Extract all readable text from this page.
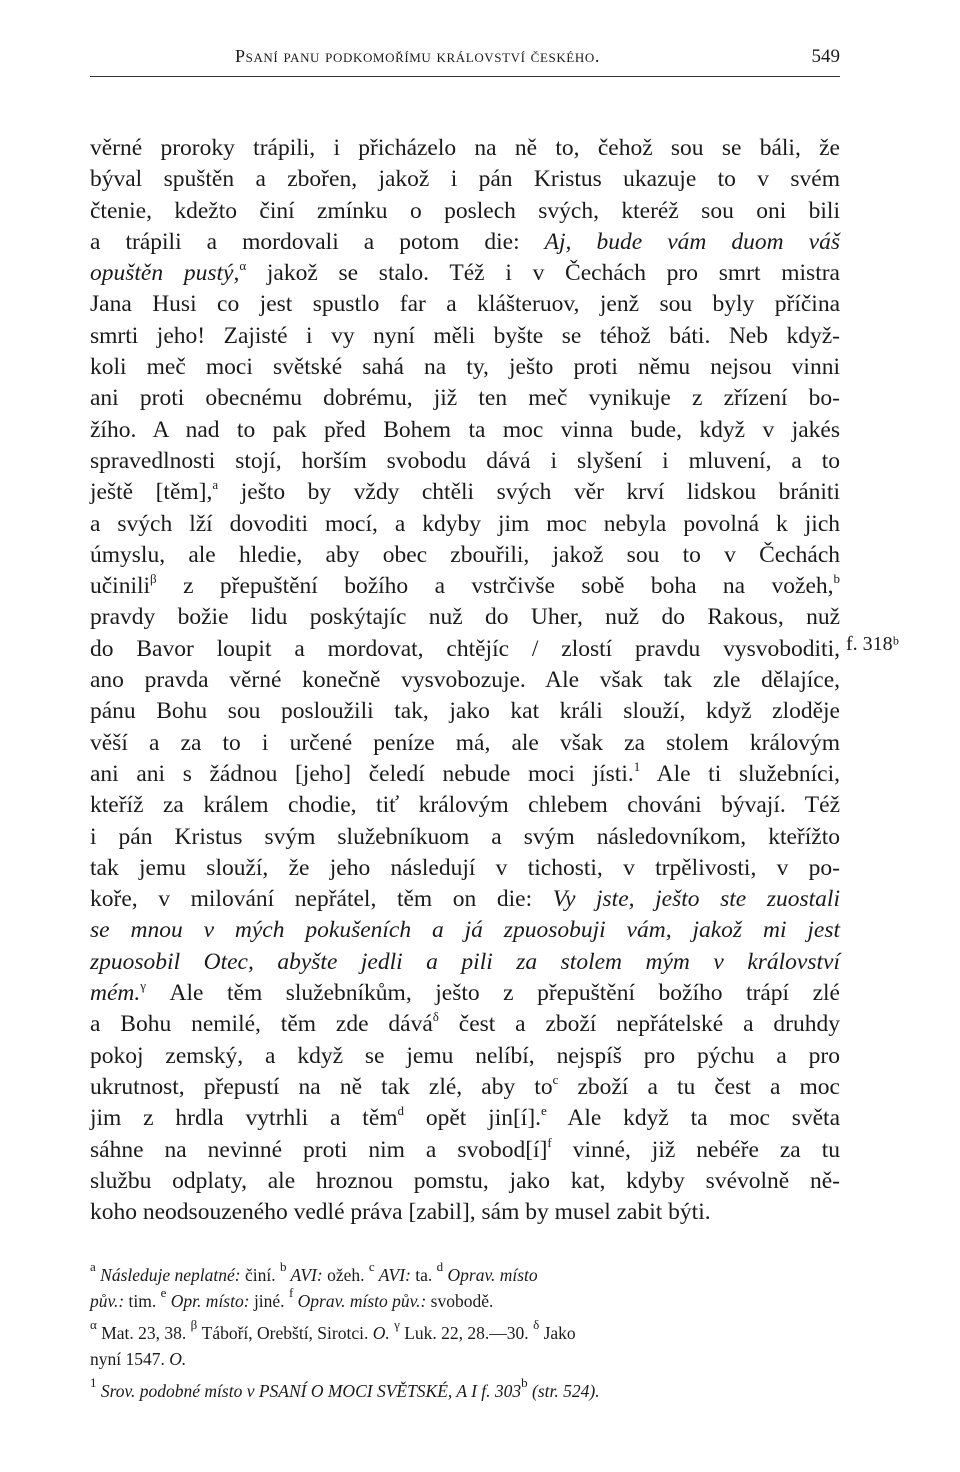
Psaní panu podkomořímu království českého.	549
věrné proroky trápili, i přicházelo na ně to, čehož sou se báli, že
býval spuštěn a zbořen, jakož i pán Kristus ukazuje to v svém
čtenie, kdežto činí zmínku o poslech svých, kteréž sou oni bili
a trápili a mordovali a potom die: Aj, bude vám duom váš
opuštěn pustý,$^\alpha$ jakož se stalo. Též i v Čechách pro smrt mistra
Jana Husi co jest spustlo far a klášteruov, jenž sou byly příčina
smrti jeho! Zajisté i vy nyní měli byšte se téhož báti. Neb když-
koli meč moci světské sahá na ty, ješto proti němu nejsou vinni
ani proti obecnému dobrému, již ten meč vynikuje z zřízení bo-
žího. A nad to pak před Bohem ta moc vinna bude, když v jakés
spravedlnosti stojí, horším svobodu dává i slyšení i mluvení, a to
ještě [těm],$^a$ ješto by vždy chtěli svých věr krví lidskou brániti
a svých lží dovoditi mocí, a kdyby jim moc nebyla povolná k jich
úmyslu, ale hledie, aby obec zbouřili, jakož sou to v Čechách
učinili$^\beta$ z přepuštění božího a vstrčivše sobě boha na vožeh,$^b$
pravdy božie lidu poskýtajíc nuž do Uher, nuž do Rakous, nuž
do Bavor loupit a mordovat, chtějíc / zlostí pravdu vysvoboditi,
ano pravda věrné konečně vysvobozuje. Ale však tak zle dělajíce,
pánu Bohu sou posloužili tak, jako kat králi slouží, když zloděje
věší a za to i určené peníze má, ale však za stolem královým
ani ani s žádnou [jeho] čeledí nebude moci jísti.$^1$ Ale ti služebníci,
kteříž za králem chodie, tiť královým chlebem chováni bývají. Též
i pán Kristus svým služebníkuom a svým následovníkom, kteřížto
tak jemu slouží, že jeho následují v tichosti, v trpělivosti, v po-
koře, v milování nepřátel, těm on die: Vy jste, ješto ste zuostali
se mnou v mých pokušeních a já zpuosobuji vám, jakož mi jest
zpuosobil Otec, abyšte jedli a pili za stolem mým v království
mém.$^\gamma$ Ale těm služebníkům, ješto z přepuštění božího trápí zlé
a Bohu nemilé, těm zde dává$^\delta$ čest a zboží nepřátelské a druhdy
pokoj zemský, a když se jemu nelíbí, nejspíš pro pýchu a pro
ukrutnost, přepustí na ně tak zlé, aby $to^c$ zboží a tu čest a moc
jim z hrdla vytrhli a těm$^d$ opět jin[í].$^e$ Ale když ta moc světa
sáhne na nevinné proti nim a svobod[í]$^f$ vinné, již nebéře za tu
službu odplaty, ale hroznou pomstu, jako kat, kdyby svévolně ně-
koho neodsouzeného vedlé práva [zabil], sám by musel zabit býti.
f. 318ᵇ
$^a$ Následuje neplatné: činí. $^b$ AVI: ožeh. $^c$ AVI: ta. $^d$ Oprav. místo
pův.: tim. $^e$ Opr. místo: jiné. $^f$ Oprav. místo pův.: svobodě.
$^\alpha$ Mat. 23, 38. $^\beta$ Táboří, Orebští, Sirotci. O. $^\gamma$ Luk. 22, 28.—30. $^\delta$ Jako
nyní 1547. O.
$^1$ Srov. podobné místo v PSANÍ O MOCI SVĚTSKÉ, A I f. 303$^b$ (str. 524).
